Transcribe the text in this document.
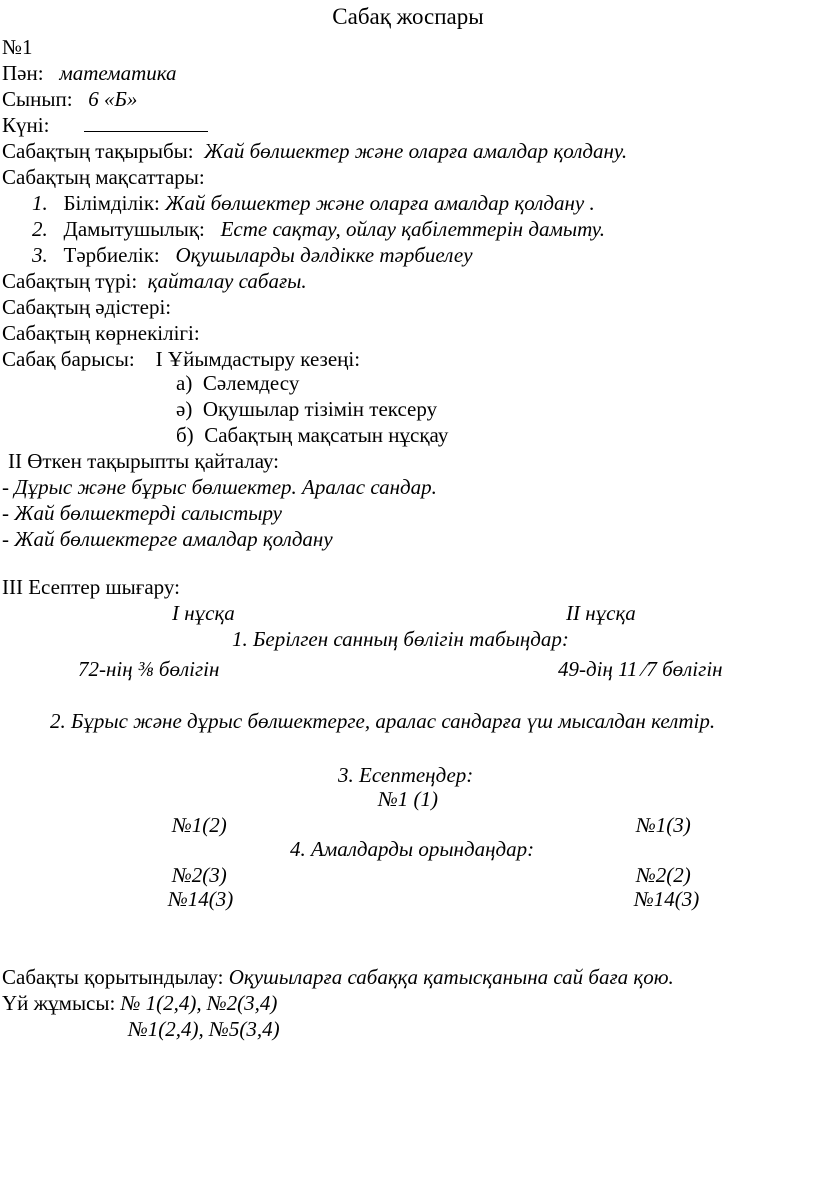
Сабақ жоспары
№1
Пән: математика
Сынып: 6 «Б»
Күні:
Сабақтың тақырыбы: Жай бөлшектер және оларға амалдар қолдану.
Сабақтың мақсаттары:
1. Білімділік: Жай бөлшектер және оларға амалдар қолдану .
2. Дамытушылық: Есте сақтау, ойлау қабілеттерін дамыту.
3. Тәрбиелік: Оқушыларды дәлдікке тәрбиелеу
Сабақтың түрі: қайталау сабағы.
Сабақтың әдістері:
Сабақтың көрнекілігі:
Сабақ барысы: I Ұйымдастыру кезеңі:
а) Сәлемдесу
ә) Оқушылар тізімін тексеру
б) Сабақтың мақсатын нұсқау
II Өткен тақырыпты қайталау:
- Дұрыс және бұрыс бөлшектер. Аралас сандар.
- Жай бөлшектерді салыстыру
- Жай бөлшектерге амалдар қолдану
III Есептер шығару:
I нұсқа	II нұсқа
1. Берілген санның бөлігін табыңдар:
72-нің ⅜ бөлігін	49-дің 11 ⁄7 бөлігін
2. Бұрыс және дұрыс бөлшектерге, аралас сандарға үш мысалдан келтір.
3. Есептеңдер:
№1 (1)
№1(2)	№1(3)
4. Амалдарды орындаңдар:
№2(3)	№2(2)
№14(3)	№14(3)
Сабақты қорытындылау: Оқушыларға сабаққа қатысқанына сай баға қою.
Үй жұмысы: № 1(2,4), №2(3,4)
№1(2,4), №5(3,4)
